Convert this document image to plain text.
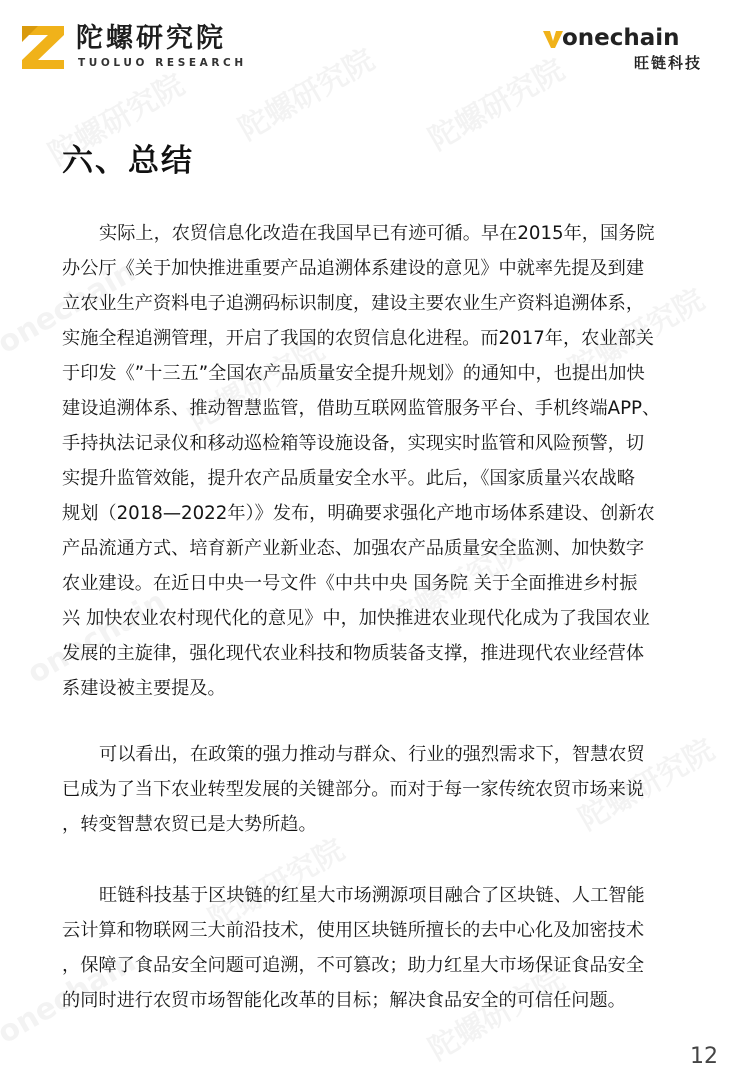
陀螺研究院
TUOLUO RESEARCH
onechain
旺链科技
六、总结
实际上，农贸信息化改造在我国早已有迹可循。早在2015年，国务院
办公厅《关于加快推进重要产品追溯体系建设的意见》中就率先提及到建
立农业生产资料电子追溯码标识制度，建设主要农业生产资料追溯体系，
实施全程追溯管理，开启了我国的农贸信息化进程。而2017年，农业部关
于印发《”十三五”全国农产品质量安全提升规划》的通知中，也提出加快
建设追溯体系、推动智慧监管，借助互联网监管服务平台、手机终端APP、
手持执法记录仪和移动巡检箱等设施设备，实现实时监管和风险预警，切
实提升监管效能，提升农产品质量安全水平。此后，《国家质量兴农战略
规划（2018—2022年）》发布，明确要求强化产地市场体系建设、创新农
产品流通方式、培育新产业新业态、加强农产品质量安全监测、加快数字
农业建设。在近日中央一号文件《中共中央 国务院 关于全面推进乡村振
兴 加快农业农村现代化的意见》中，加快推进农业现代化成为了我国农业
发展的主旋律，强化现代农业科技和物质装备支撑，推进现代农业经营体
系建设被主要提及。
可以看出，在政策的强力推动与群众、行业的强烈需求下，智慧农贸
已成为了当下农业转型发展的关键部分。而对于每一家传统农贸市场来说
，转变智慧农贸已是大势所趋。
旺链科技基于区块链的红星大市场溯源项目融合了区块链、人工智能
云计算和物联网三大前沿技术，使用区块链所擅长的去中心化及加密技术
，保障了食品安全问题可追溯，不可篡改；助力红星大市场保证食品安全
的同时进行农贸市场智能化改革的目标；解决食品安全的可信任问题。
12
